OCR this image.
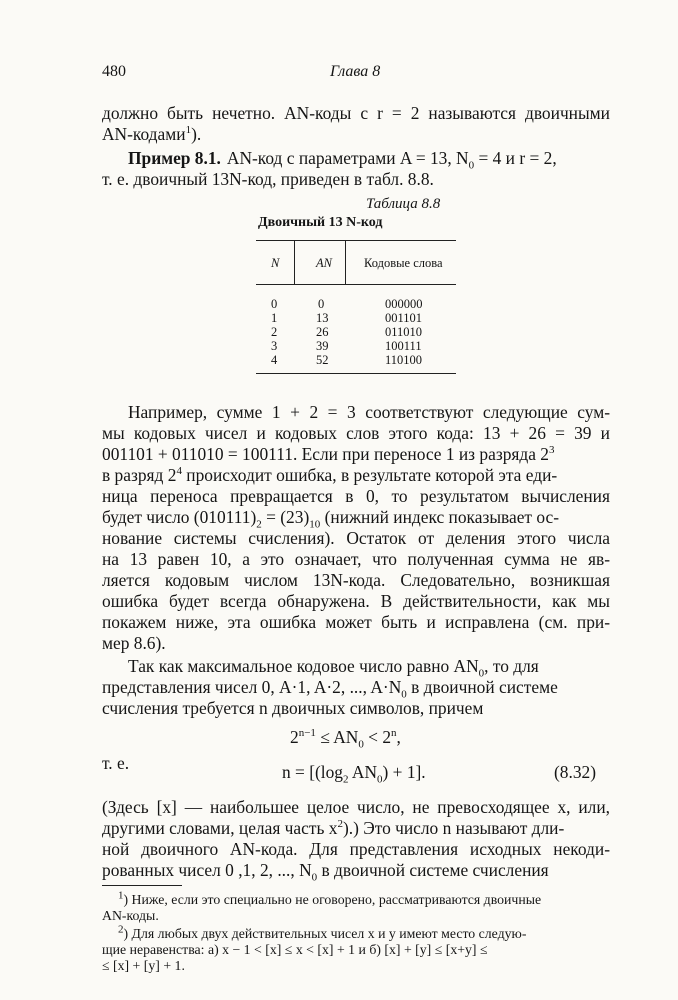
480	Глава 8
должно быть нечетно. AN-коды с r = 2 называются двоичными
AN-кодами$^1$).
Пример 8.1. AN-код с параметрами A = 13, $N_0 = 4$ и r = 2,
т. е. двоичный 13N-код, приведен в табл. 8.8.
Таблица 8.8
Двоичный 13 N-код
N	AN	Кодовые слова
0	0	000000
1	13	001101
2	26	011010
3	39	100111
4	52	110100
Например, сумме 1 + 2 = 3 соответствуют следующие сум-
мы кодовых чисел и кодовых слов этого кода: 13 + 26 = 39 и
001101 + 011010 = 100111. Если при переносе 1 из разряда $2^3$
в разряд $2^4$ происходит ошибка, в результате которой эта еди-
ница переноса превращается в 0, то результатом вычисления
будет число $(010111)_2 = (23)_{10}$ (нижний индекс показывает ос-
нование системы счисления). Остаток от деления этого числа
на 13 равен 10, а это означает, что полученная сумма не яв-
ляется кодовым числом 13N-кода. Следовательно, возникшая
ошибка будет всегда обнаружена. В действительности, как мы
покажем ниже, эта ошибка может быть и исправлена (см. при-
мер 8.6).
Так как максимальное кодовое число равно $AN_0$, то для
представления чисел 0, A·1, A·2, ..., $A\cdot N_0$ в двоичной системе
счисления требуется n двоичных символов, причем
$2^{n-1} \le AN_0 < 2^n$,
т. е.	$n = [(\log_2$ $AN_0) + 1$].	(8.32)
(Здесь [x] — наибольшее целое число, не превосходящее x, или,
другими словами, целая часть $x^2$).) Это число n называют дли-
ной двоичного AN-кода. Для представления исходных некоди-
рованных чисел 0 ,1, 2, ..., $N_0$ в двоичной системе счисления
$^1$) Ниже, если это специально не оговорено, рассматриваются двоичные
AN-коды.
$^2$) Для любых двух действительных чисел x и y имеют место следую-
щие неравенства: а) x − 1 < [x] ≤ x < [x] + 1 и б) [x] + [y] ≤ [x+y] ≤
≤ [x] + [y] + 1.
